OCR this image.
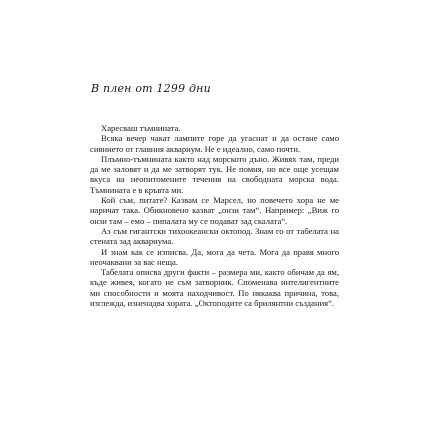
В плен от 1299 дни

Харесваш тъмнината.

Всяка вечер чакат лампите горе да угаснат и да остане само сиянието от главния аквариум. Не е идеално, само почти.

Плъмно-тъмнината както над морското дъно. Живях там, преди да ме заловят и да ме затворят тук. Не помня, но все още усещам вкуса на неопитомените течения на свободната морска вода. Тъмнината е в кръвта ми.

Кой съм, питате? Казвам се Марсел, но повечето хора не ме наричат така. Обикновено казват „онзи там“. Например: „Виж го онзи там – емо – пипалата му се подават зад скалата“.

Аз съм гигантски тихоокеански октопод. Знам го от табелата на стената зад аквариума.

И знам как се изписва. Да, мога да чета. Мога да правя много неочаквани за вас неща.

Табелата описва други факти – размера ми, както обичам да ям, къде живея, когато не съм затворник. Споменава интелигентните ми способности и моята находчивост. По някаква причина, това, изглежда, изненадва хората. „Октоподите са брилянтни създания“.
